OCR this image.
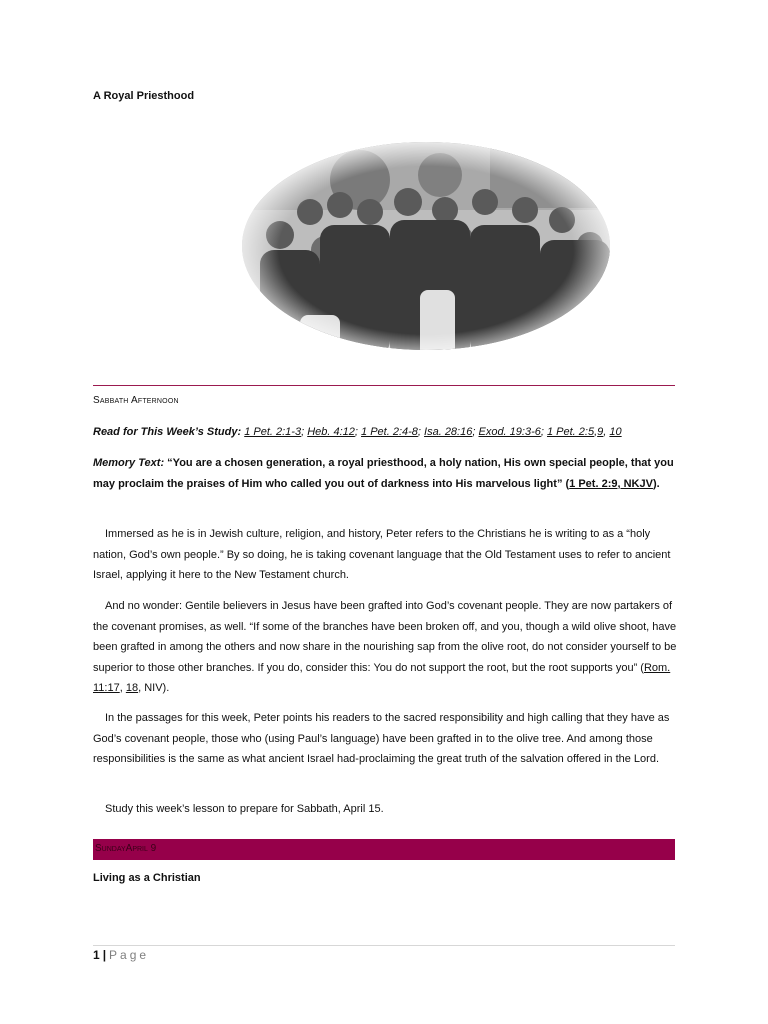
A Royal Priesthood
Sabbath Afternoon
Read for This Week’s Study: 1 Pet. 2:1-3; Heb. 4:12; 1 Pet. 2:4-8; Isa. 28:16; Exod. 19:3-6; 1 Pet. 2:5,9, 10
Memory Text: “You are a chosen generation, a royal priesthood, a holy nation, His own special people, that you may proclaim the praises of Him who called you out of darkness into His marvelous light” (1 Pet. 2:9, NKJV).
Immersed as he is in Jewish culture, religion, and history, Peter refers to the Christians he is writing to as a “holy nation, God’s own people.” By so doing, he is taking covenant language that the Old Testament uses to refer to ancient Israel, applying it here to the New Testament church.
And no wonder: Gentile believers in Jesus have been grafted into God’s covenant people. They are now partakers of the covenant promises, as well. “If some of the branches have been broken off, and you, though a wild olive shoot, have been grafted in among the others and now share in the nourishing sap from the olive root, do not consider yourself to be superior to those other branches. If you do, consider this: You do not support the root, but the root supports you” (Rom. 11:17, 18, NIV).
In the passages for this week, Peter points his readers to the sacred responsibility and high calling that they have as God’s covenant people, those who (using Paul’s language) have been grafted in to the olive tree. And among those responsibilities is the same as what ancient Israel had-proclaiming the great truth of the salvation offered in the Lord.
Study this week’s lesson to prepare for Sabbath, April 15.
SundayApril 9
Living as a Christian
1 | Page
